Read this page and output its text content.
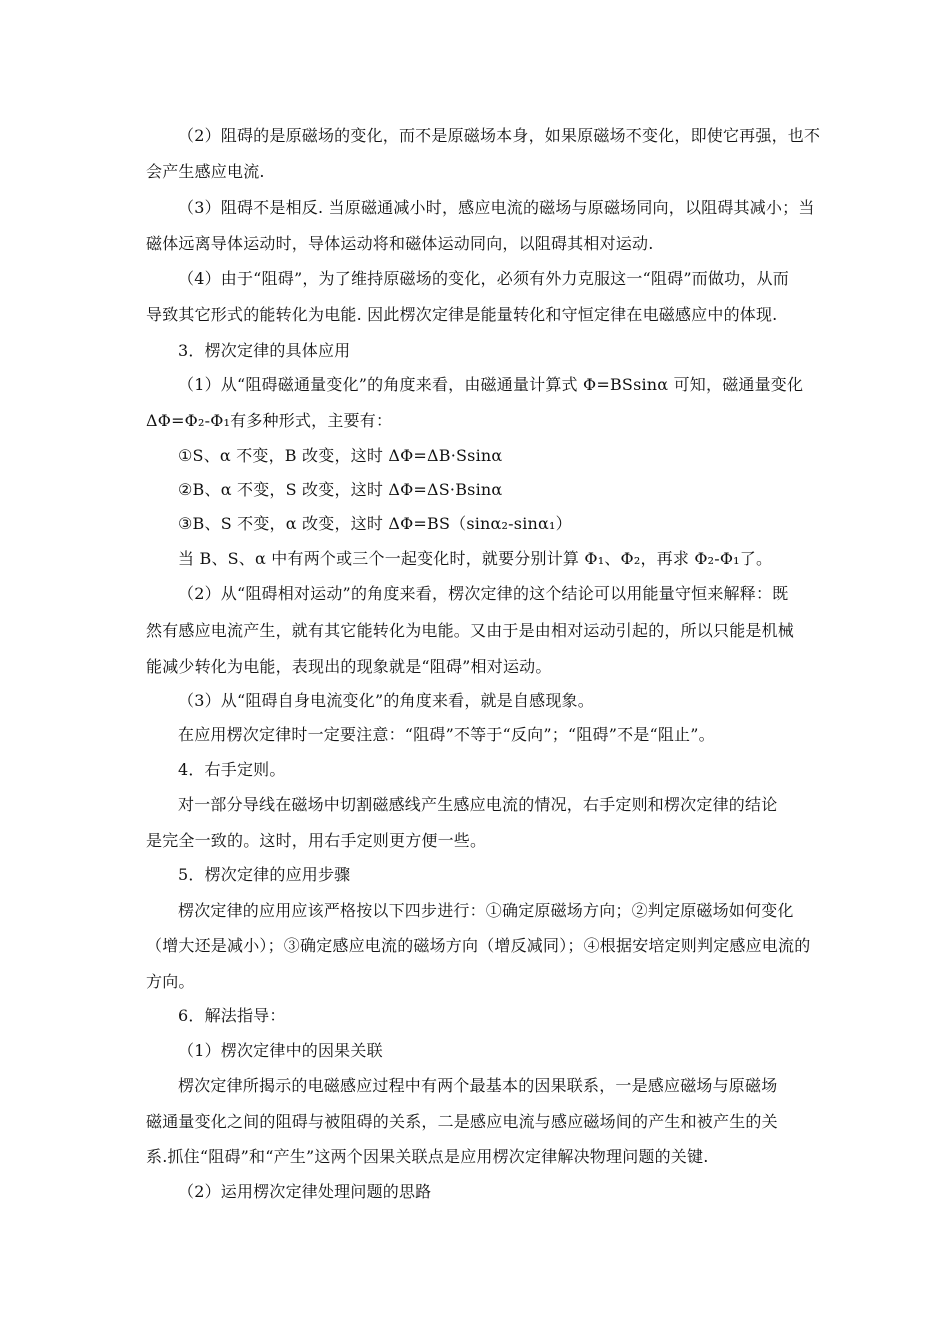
（2）阻碍的是原磁场的变化，而不是原磁场本身，如果原磁场不变化，即使它再强，也不
会产生感应电流.
（3）阻碍不是相反. 当原磁通减小时，感应电流的磁场与原磁场同向，以阻碍其减小；当
磁体远离导体运动时，导体运动将和磁体运动同向，以阻碍其相对运动.
（4）由于“阻碍”，为了维持原磁场的变化，必须有外力克服这一“阻碍”而做功，从而
导致其它形式的能转化为电能. 因此楞次定律是能量转化和守恒定律在电磁感应中的体现.
3．楞次定律的具体应用
（1）从“阻碍磁通量变化”的角度来看，由磁通量计算式 Φ=BSsinα 可知，磁通量变化
ΔΦ=Φ₂-Φ₁有多种形式，主要有：
①S、α 不变，B 改变，这时 ΔΦ=ΔB·Ssinα
②B、α 不变，S 改变，这时 ΔΦ=ΔS·Bsinα
③B、S 不变，α 改变，这时 ΔΦ=BS（sinα₂-sinα₁）
当 B、S、α 中有两个或三个一起变化时，就要分别计算 Φ₁、Φ₂，再求 Φ₂-Φ₁了。
（2）从“阻碍相对运动”的角度来看，楞次定律的这个结论可以用能量守恒来解释：既
然有感应电流产生，就有其它能转化为电能。又由于是由相对运动引起的，所以只能是机械
能减少转化为电能，表现出的现象就是“阻碍”相对运动。
（3）从“阻碍自身电流变化”的角度来看，就是自感现象。
在应用楞次定律时一定要注意：“阻碍”不等于“反向”；“阻碍”不是“阻止”。
4．右手定则。
对一部分导线在磁场中切割磁感线产生感应电流的情况，右手定则和楞次定律的结论
是完全一致的。这时，用右手定则更方便一些。
5．楞次定律的应用步骤
楞次定律的应用应该严格按以下四步进行：①确定原磁场方向；②判定原磁场如何变化
（增大还是减小）；③确定感应电流的磁场方向（增反减同）；④根据安培定则判定感应电流的
方向。
6．解法指导：
（1）楞次定律中的因果关联
楞次定律所揭示的电磁感应过程中有两个最基本的因果联系，一是感应磁场与原磁场
磁通量变化之间的阻碍与被阻碍的关系，二是感应电流与感应磁场间的产生和被产生的关
系.抓住“阻碍”和“产生”这两个因果关联点是应用楞次定律解决物理问题的关键.
（2）运用楞次定律处理问题的思路
